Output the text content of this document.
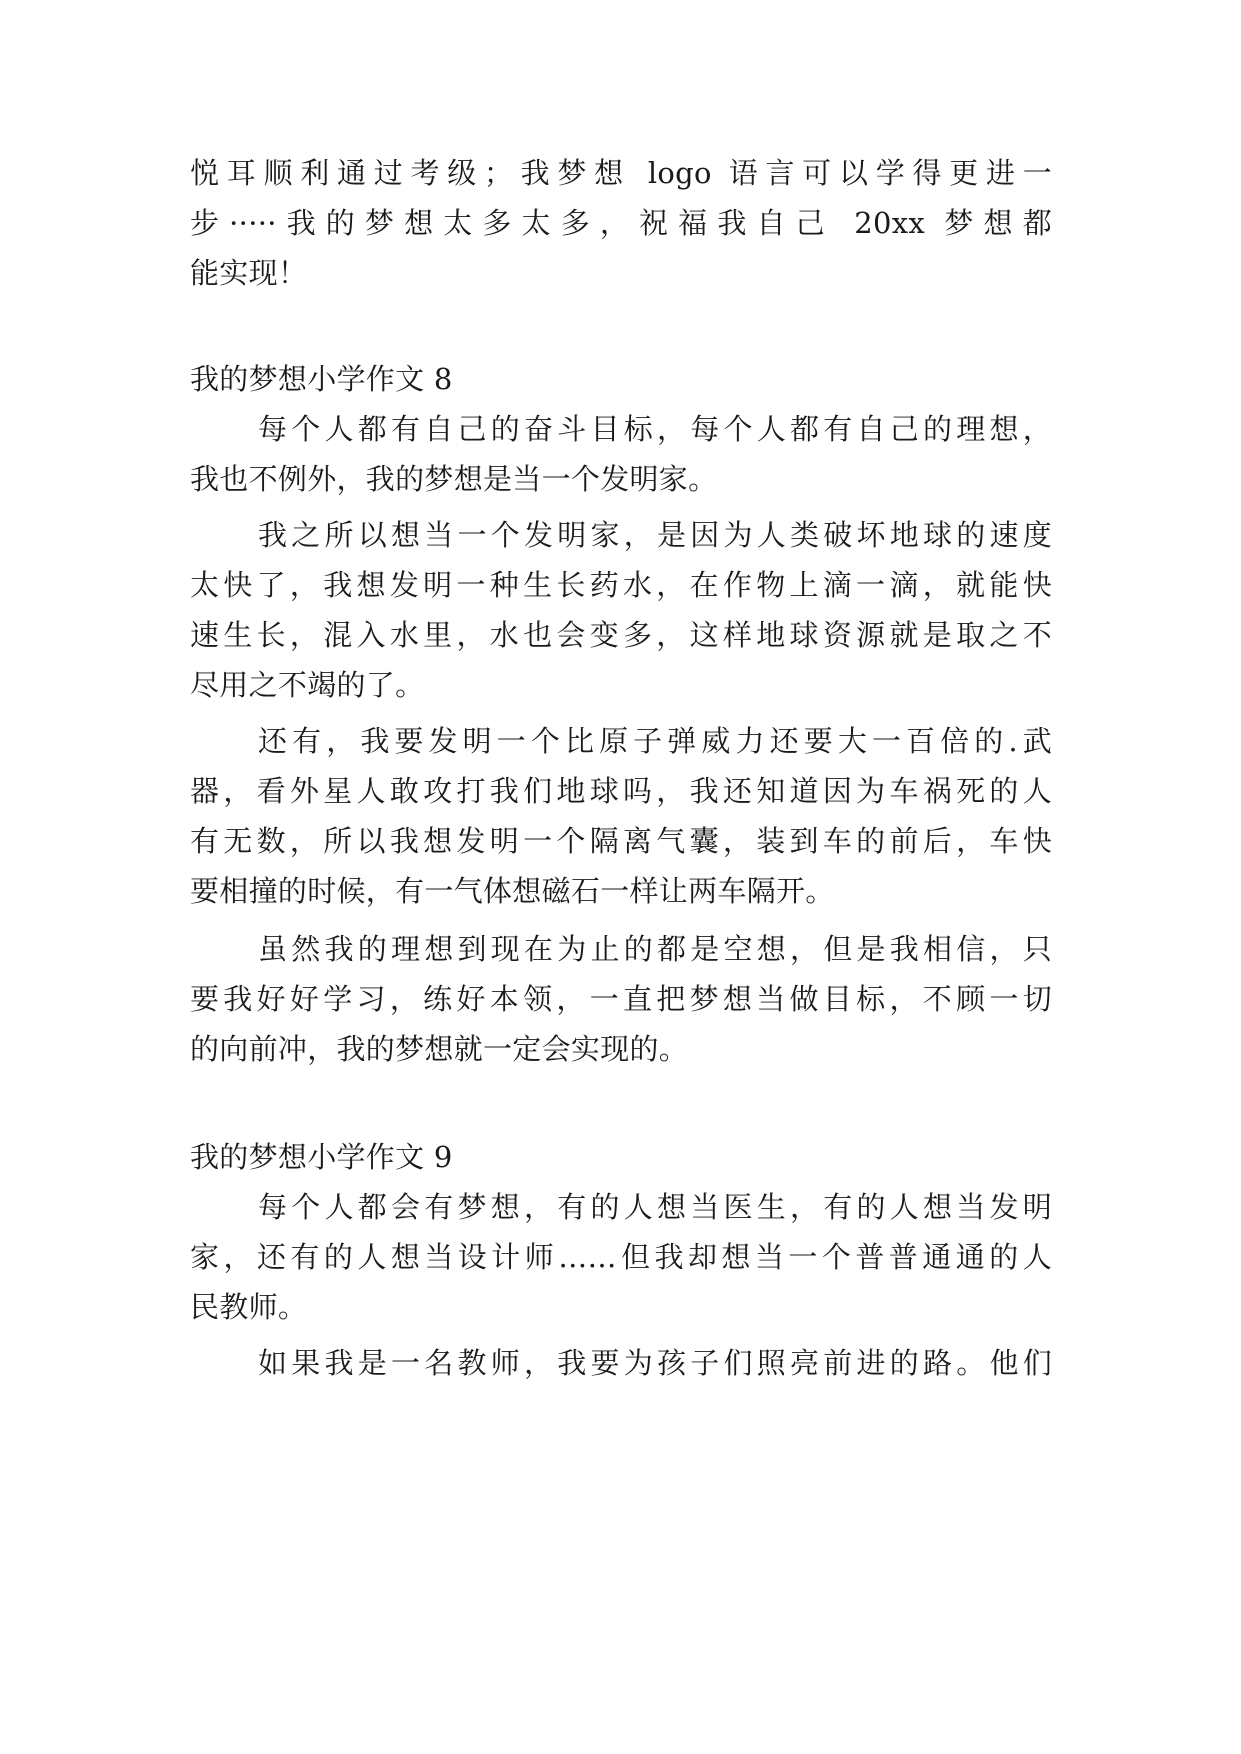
悦耳顺利通过考级；我梦想 logo 语言可以学得更进一
步·····我的梦想太多太多，祝福我自己 20xx 梦想都
能实现！
我的梦想小学作文 8
每个人都有自己的奋斗目标，每个人都有自己的理想，
我也不例外，我的梦想是当一个发明家。
我之所以想当一个发明家，是因为人类破坏地球的速度
太快了，我想发明一种生长药水，在作物上滴一滴，就能快
速生长，混入水里，水也会变多，这样地球资源就是取之不
尽用之不竭的了。
还有，我要发明一个比原子弹威力还要大一百倍的.武
器，看外星人敢攻打我们地球吗，我还知道因为车祸死的人
有无数，所以我想发明一个隔离气囊，装到车的前后，车快
要相撞的时候，有一气体想磁石一样让两车隔开。
虽然我的理想到现在为止的都是空想，但是我相信，只
要我好好学习，练好本领，一直把梦想当做目标，不顾一切
的向前冲，我的梦想就一定会实现的。
我的梦想小学作文 9
每个人都会有梦想，有的人想当医生，有的人想当发明
家，还有的人想当设计师……但我却想当一个普普通通的人
民教师。
如果我是一名教师，我要为孩子们照亮前进的路。他们
